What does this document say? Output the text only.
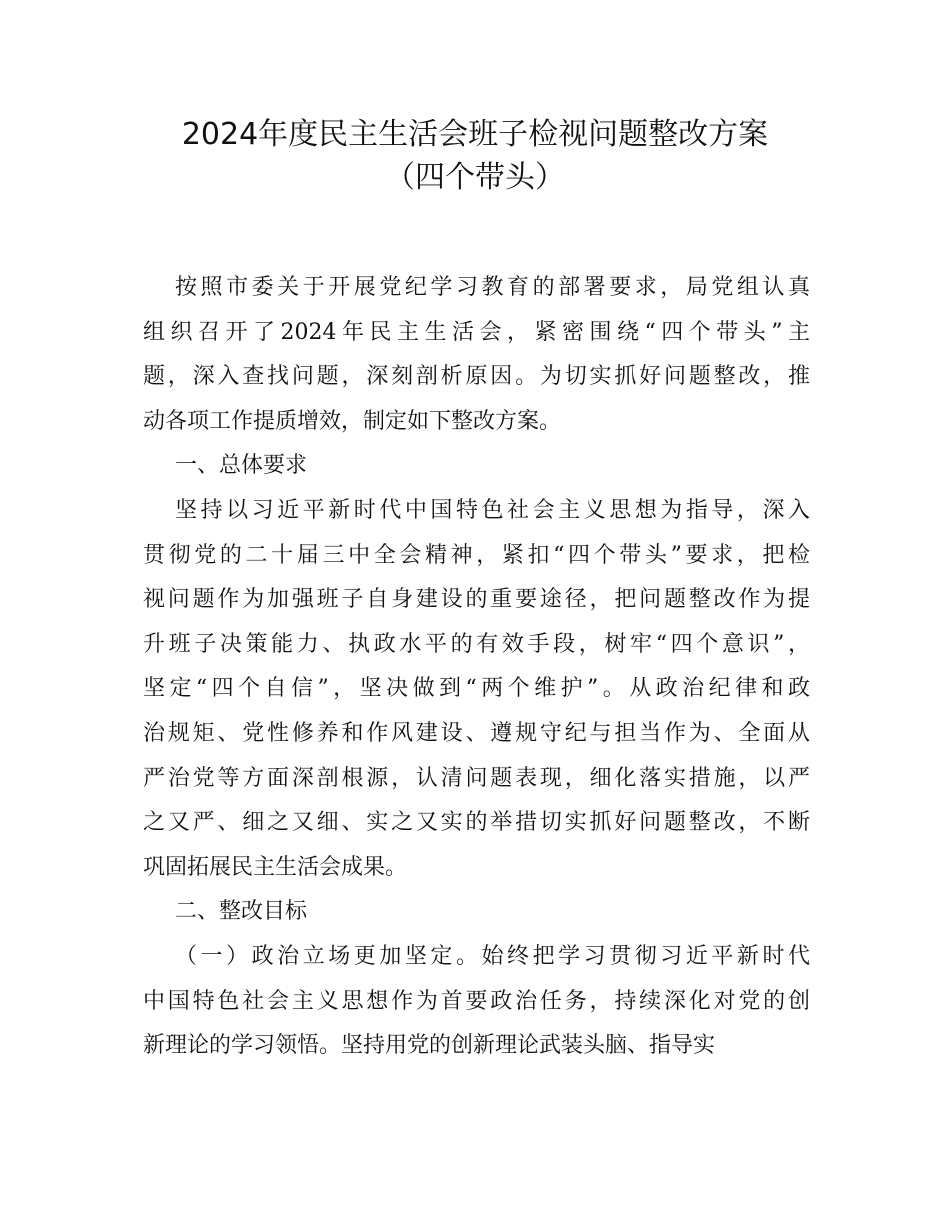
2024年度民主生活会班子检视问题整改方案
（四个带头）
按照市委关于开展党纪学习教育的部署要求，局党组认真
组织召开了2024年民主生活会，紧密围绕“四个带头”主
题，深入查找问题，深刻剖析原因。为切实抓好问题整改，推
动各项工作提质增效，制定如下整改方案。
一、总体要求
坚持以习近平新时代中国特色社会主义思想为指导，深入
贯彻党的二十届三中全会精神，紧扣“四个带头”要求，把检
视问题作为加强班子自身建设的重要途径，把问题整改作为提
升班子决策能力、执政水平的有效手段，树牢“四个意识”，
坚定“四个自信”，坚决做到“两个维护”。从政治纪律和政
治规矩、党性修养和作风建设、遵规守纪与担当作为、全面从
严治党等方面深剖根源，认清问题表现，细化落实措施，以严
之又严、细之又细、实之又实的举措切实抓好问题整改，不断
巩固拓展民主生活会成果。
二、整改目标
（一）政治立场更加坚定。始终把学习贯彻习近平新时代
中国特色社会主义思想作为首要政治任务，持续深化对党的创
新理论的学习领悟。坚持用党的创新理论武装头脑、指导实
